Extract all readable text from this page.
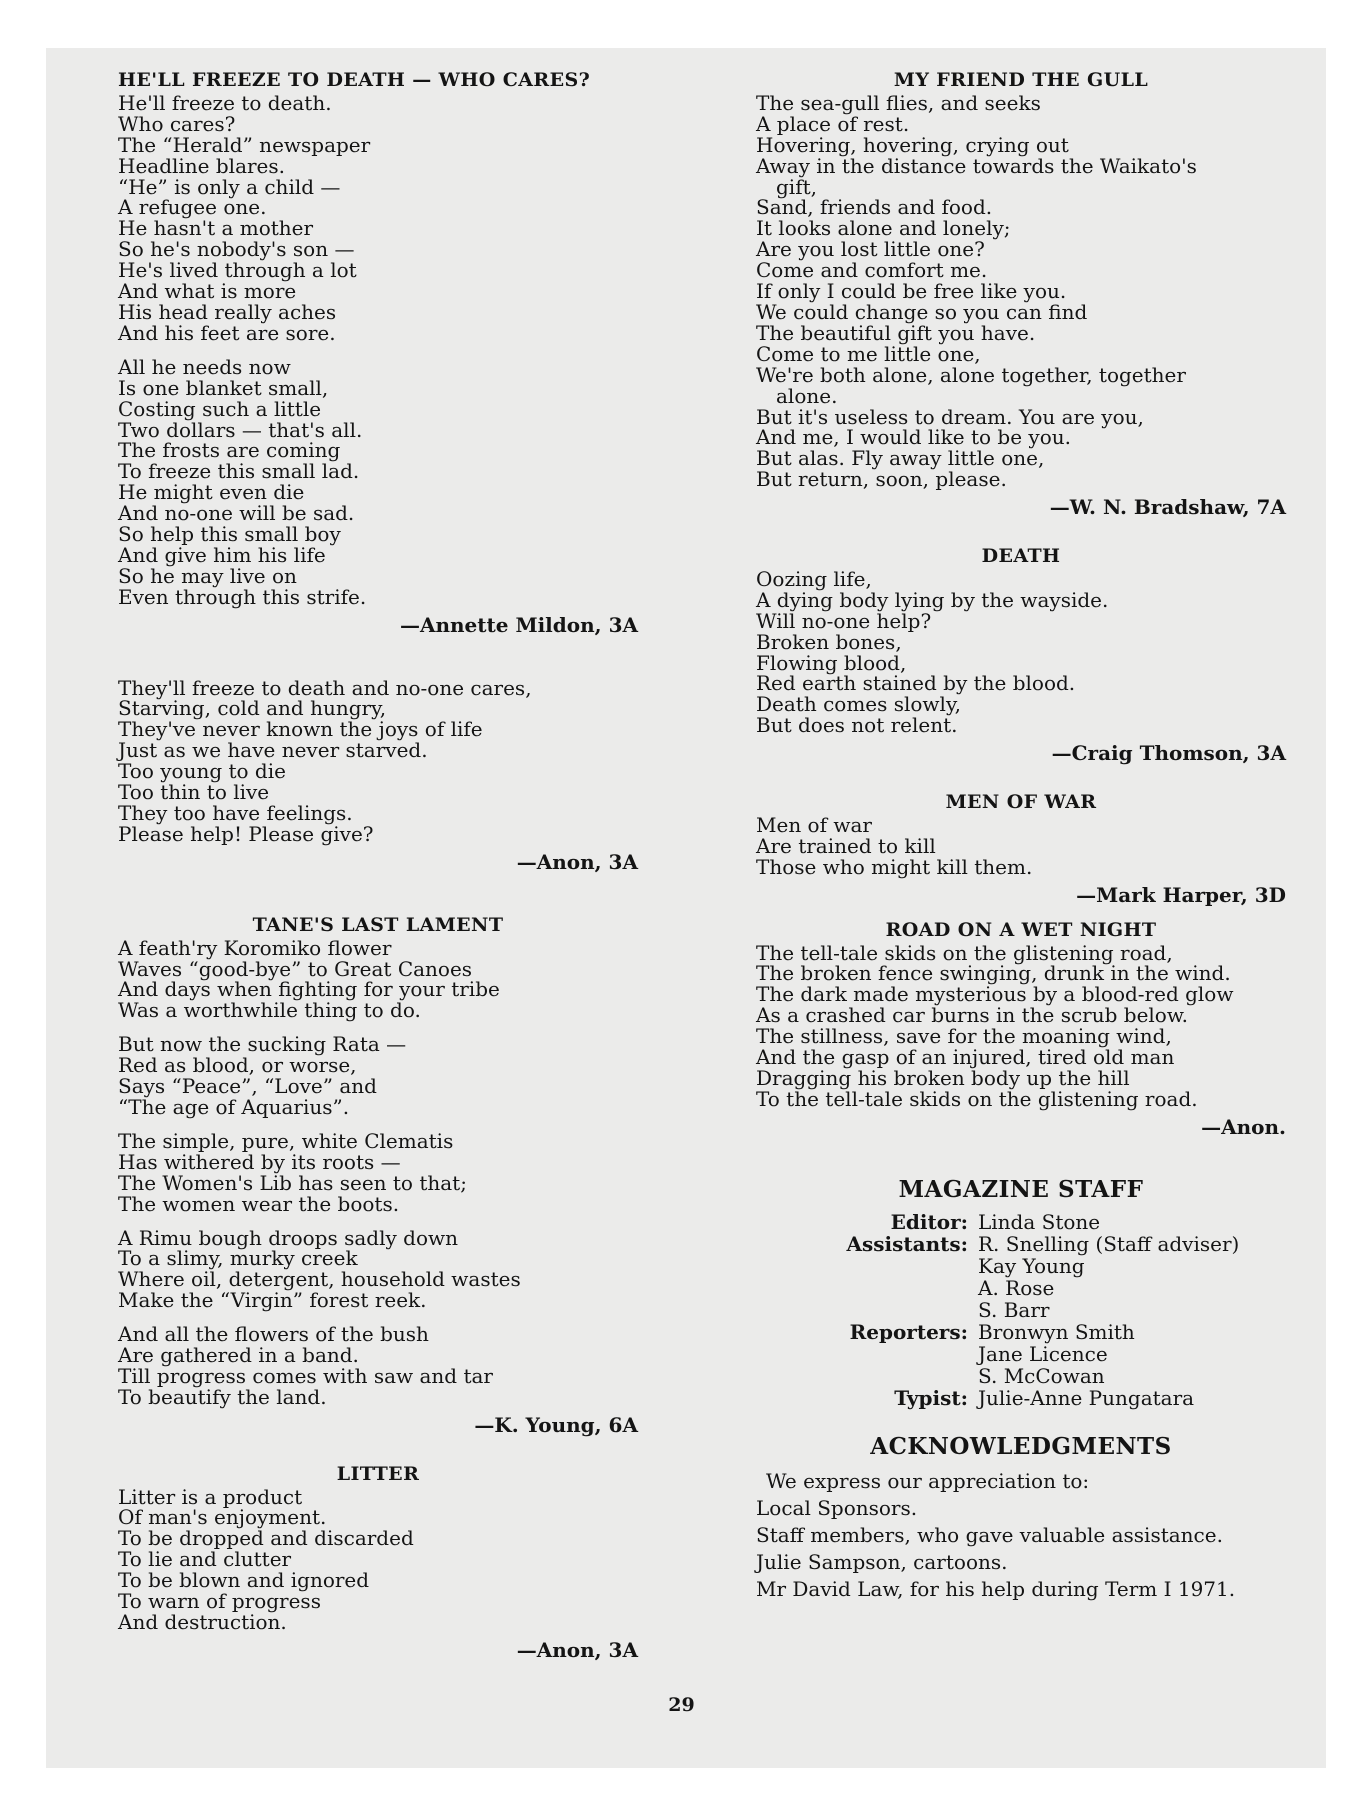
HE'LL FREEZE TO DEATH — WHO CARES?
He'll freeze to death.
Who cares?
The “Herald” newspaper
Headline blares.
“He” is only a child —
A refugee one.
He hasn't a mother
So he's nobody's son —
He's lived through a lot
And what is more
His head really aches
And his feet are sore.
All he needs now
Is one blanket small,
Costing such a little
Two dollars — that's all.
The frosts are coming
To freeze this small lad.
He might even die
And no-one will be sad.
So help this small boy
And give him his life
So he may live on
Even through this strife.
—Annette Mildon, 3A
They'll freeze to death and no-one cares,
Starving, cold and hungry,
They've never known the joys of life
Just as we have never starved.
Too young to die
Too thin to live
They too have feelings.
Please help! Please give?
—Anon, 3A
TANE'S LAST LAMENT
A feath'ry Koromiko flower
Waves “good-bye” to Great Canoes
And days when fighting for your tribe
Was a worthwhile thing to do.
But now the sucking Rata —
Red as blood, or worse,
Says “Peace”, “Love” and
“The age of Aquarius”.
The simple, pure, white Clematis
Has withered by its roots —
The Women's Lib has seen to that;
The women wear the boots.
A Rimu bough droops sadly down
To a slimy, murky creek
Where oil, detergent, household wastes
Make the “Virgin” forest reek.
And all the flowers of the bush
Are gathered in a band.
Till progress comes with saw and tar
To beautify the land.
—K. Young, 6A
LITTER
Litter is a product
Of man's enjoyment.
To be dropped and discarded
To lie and clutter
To be blown and ignored
To warn of progress
And destruction.
—Anon, 3A
MY FRIEND THE GULL
The sea-gull flies, and seeks
A place of rest.
Hovering, hovering, crying out
Away in the distance towards the Waikato's
gift,
Sand, friends and food.
It looks alone and lonely;
Are you lost little one?
Come and comfort me.
If only I could be free like you.
We could change so you can find
The beautiful gift you have.
Come to me little one,
We're both alone, alone together, together
alone.
But it's useless to dream. You are you,
And me, I would like to be you.
But alas. Fly away little one,
But return, soon, please.
—W. N. Bradshaw, 7A
DEATH
Oozing life,
A dying body lying by the wayside.
Will no-one help?
Broken bones,
Flowing blood,
Red earth stained by the blood.
Death comes slowly,
But does not relent.
—Craig Thomson, 3A
MEN OF WAR
Men of war
Are trained to kill
Those who might kill them.
—Mark Harper, 3D
ROAD ON A WET NIGHT
The tell-tale skids on the glistening road,
The broken fence swinging, drunk in the wind.
The dark made mysterious by a blood-red glow
As a crashed car burns in the scrub below.
The stillness, save for the moaning wind,
And the gasp of an injured, tired old man
Dragging his broken body up the hill
To the tell-tale skids on the glistening road.
—Anon.
MAGAZINE STAFF
Editor: Linda Stone
Assistants: R. Snelling (Staff adviser)
Kay Young
A. Rose
S. Barr
Reporters: Bronwyn Smith
Jane Licence
S. McCowan
Typist: Julie-Anne Pungatara
ACKNOWLEDGMENTS

We express our appreciation to:

Local Sponsors.

Staff members, who gave valuable assistance.

Julie Sampson, cartoons.

Mr David Law, for his help during Term I 1971.

29
